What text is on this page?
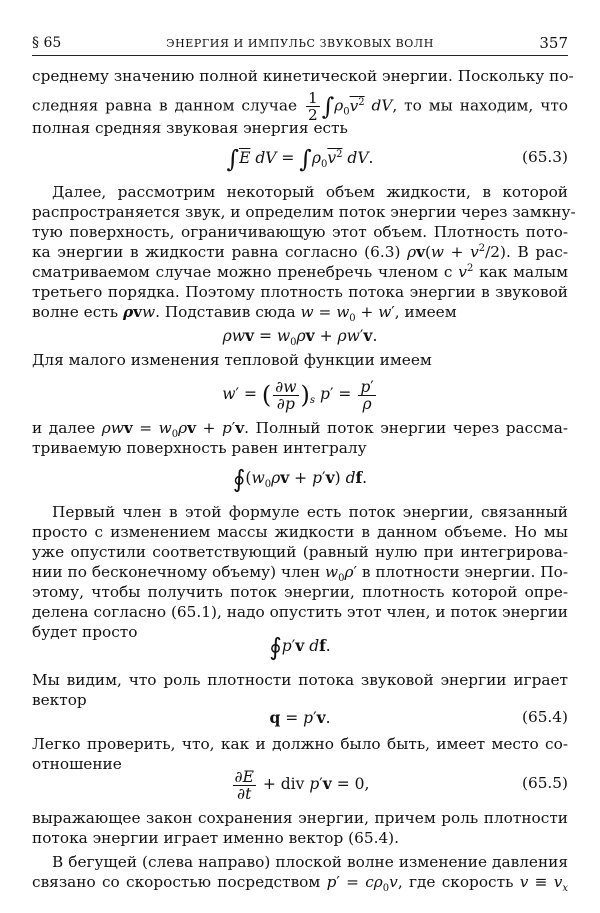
§ 65	ЭНЕРГИЯ И ИМПУЛЬС ЗВУКОВЫХ ВОЛН	357
среднему значению полной кинетической энергии. Поскольку по-
следняя равна в данном случае $\frac{1}{2} \int\rho_0v^2$ dV, то мы находим, что
полная средняя звуковая энергия есть
$\int\overline{E}$ dV = $\int\rho_0v^2$ dV.	(65.3)
Далее, рассмотрим некоторый объем жидкости, в которой
распространяется звук, и определим поток энергии через замкну-
тую поверхность, ограничивающую этот объем. Плотность пото-
ка энергии в жидкости равна согласно (6.3) $\rho v(w + v^2/2)$. В рас-
сматриваемом случае можно пренебречь членом с $v^2$ как малым
третьего порядка. Поэтому плотность потока энергии в звуковой
волне есть ρvw. Подставив сюда $w = w_0 + w'$, имеем
$\rho wv = w_0\rho v + \rho w'v$.
Для малого изменения тепловой функции имеем
w′ = ( $\frac{\partial w}{\partial p} )_s$ $p' = \frac{p'}{\rho}$
и далее $\rho wv = w_0\rho v + p'v$. Полный поток энергии через рассма-
триваемую поверхность равен интегралу
$∮(w_0\rho v + p'v)$ df.
Первый член в этой формуле есть поток энергии, связанный
просто с изменением массы жидкости в данном объеме. Но мы
уже опустили соответствующий (равный нулю при интегрирова-
нии по бесконечному объему) член $w_0\rho'$ в плотности энергии. По-
этому, чтобы получить поток энергии, плотность которой опре-
делена согласно (65.1), надо опустить этот член, и поток энергии
будет просто
∮p′v df.
Мы видим, что роль плотности потока звуковой энергии играет
вектор
q = p′v.	(65.4)
Легко проверить, что, как и должно было быть, имеет место со-
отношение
$\frac{\partial E}{\partial t}$ + div p′v = 0,	(65.5)
выражающее закон сохранения энергии, причем роль плотности
потока энергии играет именно вектор (65.4).
В бегущей (слева направо) плоской волне изменение давления
связано со скоростью посредством $p' = c\rho_0v$, где скорость $v \equiv v_x$
